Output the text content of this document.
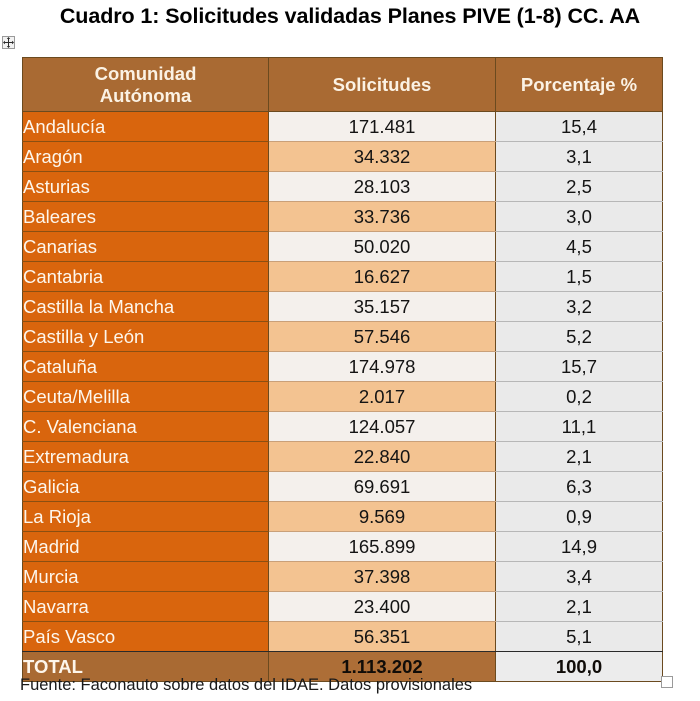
Cuadro 1: Solicitudes validadas Planes PIVE (1-8) CC. AA
Comunidad
Autónoma	Solicitudes	Porcentaje %
Andalucía	171.481	15,4
Aragón	34.332	3,1
Asturias	28.103	2,5
Baleares	33.736	3,0
Canarias	50.020	4,5
Cantabria	16.627	1,5
Castilla la Mancha	35.157	3,2
Castilla y León	57.546	5,2
Cataluña	174.978	15,7
Ceuta/Melilla	2.017	0,2
C. Valenciana	124.057	11,1
Extremadura	22.840	2,1
Galicia	69.691	6,3
La Rioja	9.569	0,9
Madrid	165.899	14,9
Murcia	37.398	3,4
Navarra	23.400	2,1
País Vasco	56.351	5,1
TOTAL	1.113.202	100,0
Fuente: Faconauto sobre datos del IDAE. Datos provisionales
